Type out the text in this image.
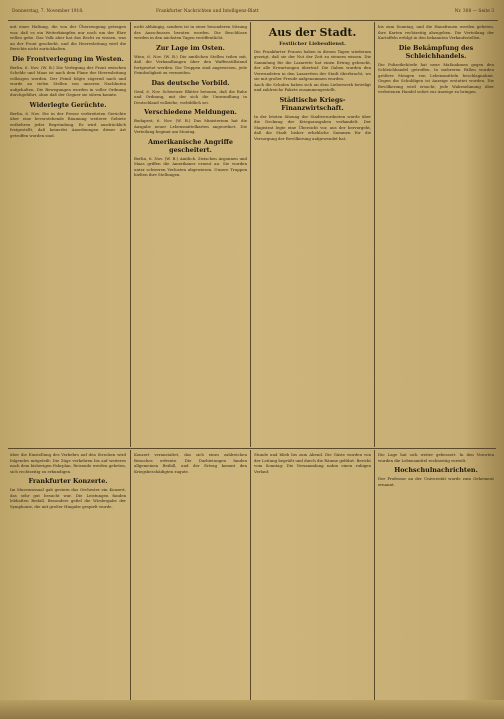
Donnerstag, 7. November 1918.	Frankfurter Nachrichten und Intelligenz-Blatt	Nr. 308 — Seite 3

mit einer Haltung, die von der Überzeugung getragen war, daß es ein Weiterkämpfen nur noch um der Ehre willen gebe. Das Volk aber hat das Recht zu wissen, was an der Front geschieht, und die Heeresleitung wird die Berichte nicht zurückhalten.

Die Frontverlegung im Westen.

Berlin, 6. Nov. (W. B.) Die Verlegung der Front zwischen Schelde und Maas ist nach dem Plane der Heeresleitung vollzogen worden. Der Feind folgte zögernd nach und wurde an vielen Stellen von unseren Nachhuten aufgehalten. Die Bewegungen wurden in voller Ordnung durchgeführt, ohne daß der Gegner sie stören konnte.

Widerlegte Gerüchte.

Berlin, 6. Nov. Die in der Presse verbreiteten Gerüchte über eine bevorstehende Räumung weiterer Gebiete entbehren jeder Begründung. Es wird ausdrücklich festgestellt, daß keinerlei Anordnungen dieser Art getroffen worden sind.

nicht abhängig, sondern ist in einer besonderen Sitzung des Ausschusses beraten worden. Die Beschlüsse werden in den nächsten Tagen veröffentlicht.

Zur Lage im Osten.

Wien, 6. Nov. (W. B.) Die amtlichen Stellen teilen mit, daß die Verhandlungen über den Waffenstillstand fortgesetzt werden. Die Truppen sind angewiesen, jede Feindseligkeit zu vermeiden.

Das deutsche Vorbild.

Genf, 6. Nov. Schweizer Blätter betonen, daß die Ruhe und Ordnung, mit der sich die Umwandlung in Deutschland vollziehe, vorbildlich sei.

Verschiedene Meldungen.

Budapest, 6. Nov. (W. B.) Das Ministerium hat die Ausgabe neuer Lebensmittelkarten angeordnet. Die Verteilung beginnt am Montag.

Amerikanische Angriffe gescheitert.

Berlin, 6. Nov. (W. B.) Amtlich. Zwischen Argonnen und Maas griffen die Amerikaner erneut an. Sie wurden unter schweren Verlusten abgewiesen. Unsere Truppen hielten ihre Stellungen.

Aus der Stadt.
Festlicher Liebesdienst.

Die Frankfurter Frauen haben in diesen Tagen wiederum gezeigt, daß sie der Not der Zeit zu steuern wissen. Die Sammlung für die Lazarette hat einen Ertrag gebracht, der alle Erwartungen übertraf. Die Gaben wurden den Verwundeten in den Lazaretten der Stadt überbracht, wo sie mit großer Freude aufgenommen wurden.

Auch die Schulen haben sich an dem Liebeswerk beteiligt und zahlreiche Pakete zusammengestellt.

Städtische Kriegs-Finanzwirtschaft.

In der letzten Sitzung der Stadtverordneten wurde über die Deckung der Kriegsausgaben verhandelt. Der Magistrat legte eine Übersicht vor, aus der hervorgeht, daß die Stadt bisher erhebliche Summen für die Versorgung der Bevölkerung aufgewendet hat.

bis zum Sonntag, und die Hausfrauen werden gebeten, ihre Karten rechtzeitig abzugeben. Die Verteilung der Kartoffeln erfolgt in den bekannten Verkaufsstellen.

Die Bekämpfung des Schleichhandels.

Die Polizeibehörde hat neue Maßnahmen gegen den Schleichhandel getroffen. In mehreren Fällen wurden größere Mengen von Lebensmitteln beschlagnahmt. Gegen die Schuldigen ist Anzeige erstattet worden. Die Bevölkerung wird ersucht, jede Wahrnehmung über verbotenen Handel sofort zur Anzeige zu bringen.

über die Einstellung des Verkehrs auf den Strecken wird folgendes mitgeteilt: Die Züge verkehren bis auf weiteres nach dem bisherigen Fahrplan. Reisende werden gebeten, sich rechtzeitig zu erkundigen.

Frankfurter Konzerte.

Im Museumssaal gab gestern das Orchester ein Konzert, das sehr gut besucht war. Die Leistungen fanden lebhaften Beifall. Besonders gefiel die Wiedergabe der Symphonie, die mit großer Hingabe gespielt wurde.

Konzert veranstaltet, das sich eines zahlreichen Besuches erfreute. Die Darbietungen fanden allgemeinen Beifall, und der Ertrag kommt den Kriegsbeschädigten zugute.

Stunde und blieb bis zum Abend. Die Gäste wurden von der Leitung begrüßt und durch die Räume geführt. Bericht vom Sonntag: Die Versammlung nahm einen ruhigen Verlauf.

Die Lage hat sich weiter gebessert. In den Vororten wurden die Lebensmittel rechtzeitig verteilt.

Hochschulnachrichten.

Der Professor an der Universität wurde zum Geheimrat ernannt.
